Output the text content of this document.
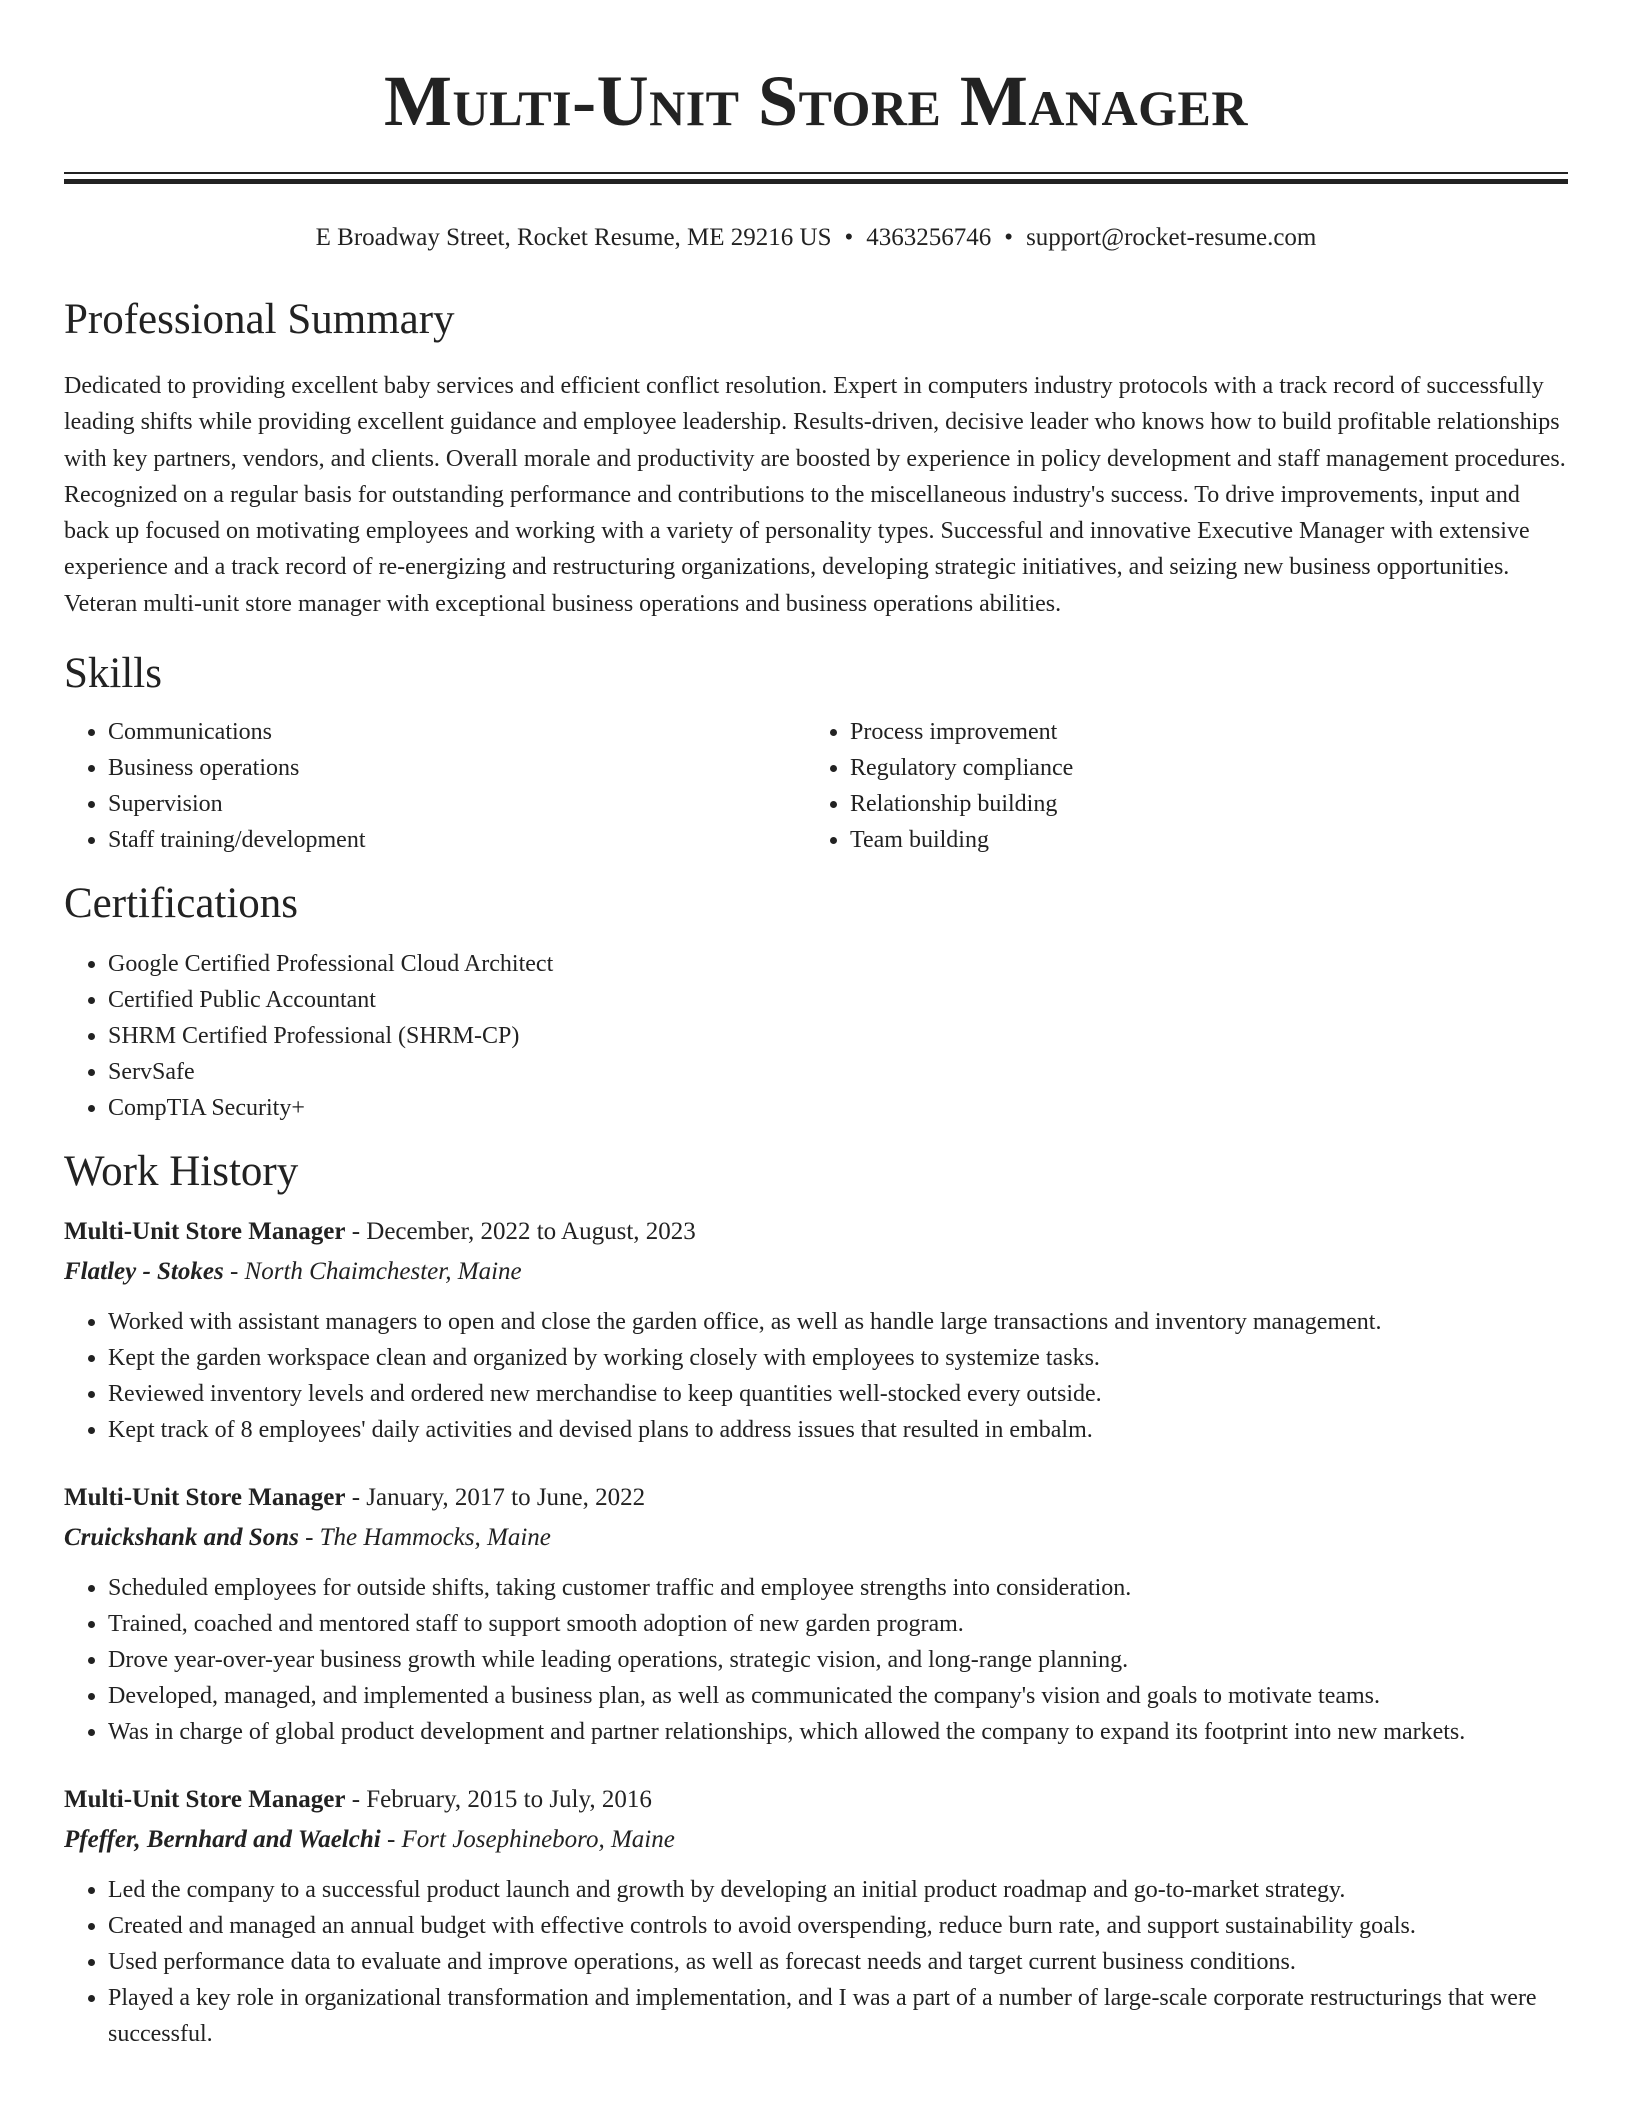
Multi-Unit Store Manager
E Broadway Street, Rocket Resume, ME 29216 US • 4363256746 • support@rocket-resume.com
Professional Summary

Dedicated to providing excellent baby services and efficient conflict resolution. Expert in computers industry protocols with a track record of successfully leading shifts while providing excellent guidance and employee leadership. Results-driven, decisive leader who knows how to build profitable relationships with key partners, vendors, and clients. Overall morale and productivity are boosted by experience in policy development and staff management procedures. Recognized on a regular basis for outstanding performance and contributions to the miscellaneous industry's success. To drive improvements, input and back up focused on motivating employees and working with a variety of personality types. Successful and innovative Executive Manager with extensive experience and a track record of re-energizing and restructuring organizations, developing strategic initiatives, and seizing new business opportunities. Veteran multi-unit store manager with exceptional business operations and business operations abilities.

Skills
• Communications
• Business operations
• Supervision
• Staff training/development
• Process improvement
• Regulatory compliance
• Relationship building
• Team building
Certifications
• Google Certified Professional Cloud Architect
• Certified Public Accountant
• SHRM Certified Professional (SHRM-CP)
• ServSafe
• CompTIA Security+
Work History
Multi-Unit Store Manager - December, 2022 to August, 2023
Flatley - Stokes - North Chaimchester, Maine
• Worked with assistant managers to open and close the garden office, as well as handle large transactions and inventory management.
• Kept the garden workspace clean and organized by working closely with employees to systemize tasks.
• Reviewed inventory levels and ordered new merchandise to keep quantities well-stocked every outside.
• Kept track of 8 employees' daily activities and devised plans to address issues that resulted in embalm.
Multi-Unit Store Manager - January, 2017 to June, 2022
Cruickshank and Sons - The Hammocks, Maine
• Scheduled employees for outside shifts, taking customer traffic and employee strengths into consideration.
• Trained, coached and mentored staff to support smooth adoption of new garden program.
• Drove year-over-year business growth while leading operations, strategic vision, and long-range planning.
• Developed, managed, and implemented a business plan, as well as communicated the company's vision and goals to motivate teams.
• Was in charge of global product development and partner relationships, which allowed the company to expand its footprint into new markets.
Multi-Unit Store Manager - February, 2015 to July, 2016
Pfeffer, Bernhard and Waelchi - Fort Josephineboro, Maine
• Led the company to a successful product launch and growth by developing an initial product roadmap and go-to-market strategy.
• Created and managed an annual budget with effective controls to avoid overspending, reduce burn rate, and support sustainability goals.
• Used performance data to evaluate and improve operations, as well as forecast needs and target current business conditions.
• Played a key role in organizational transformation and implementation, and I was a part of a number of large-scale corporate restructurings that were successful.
